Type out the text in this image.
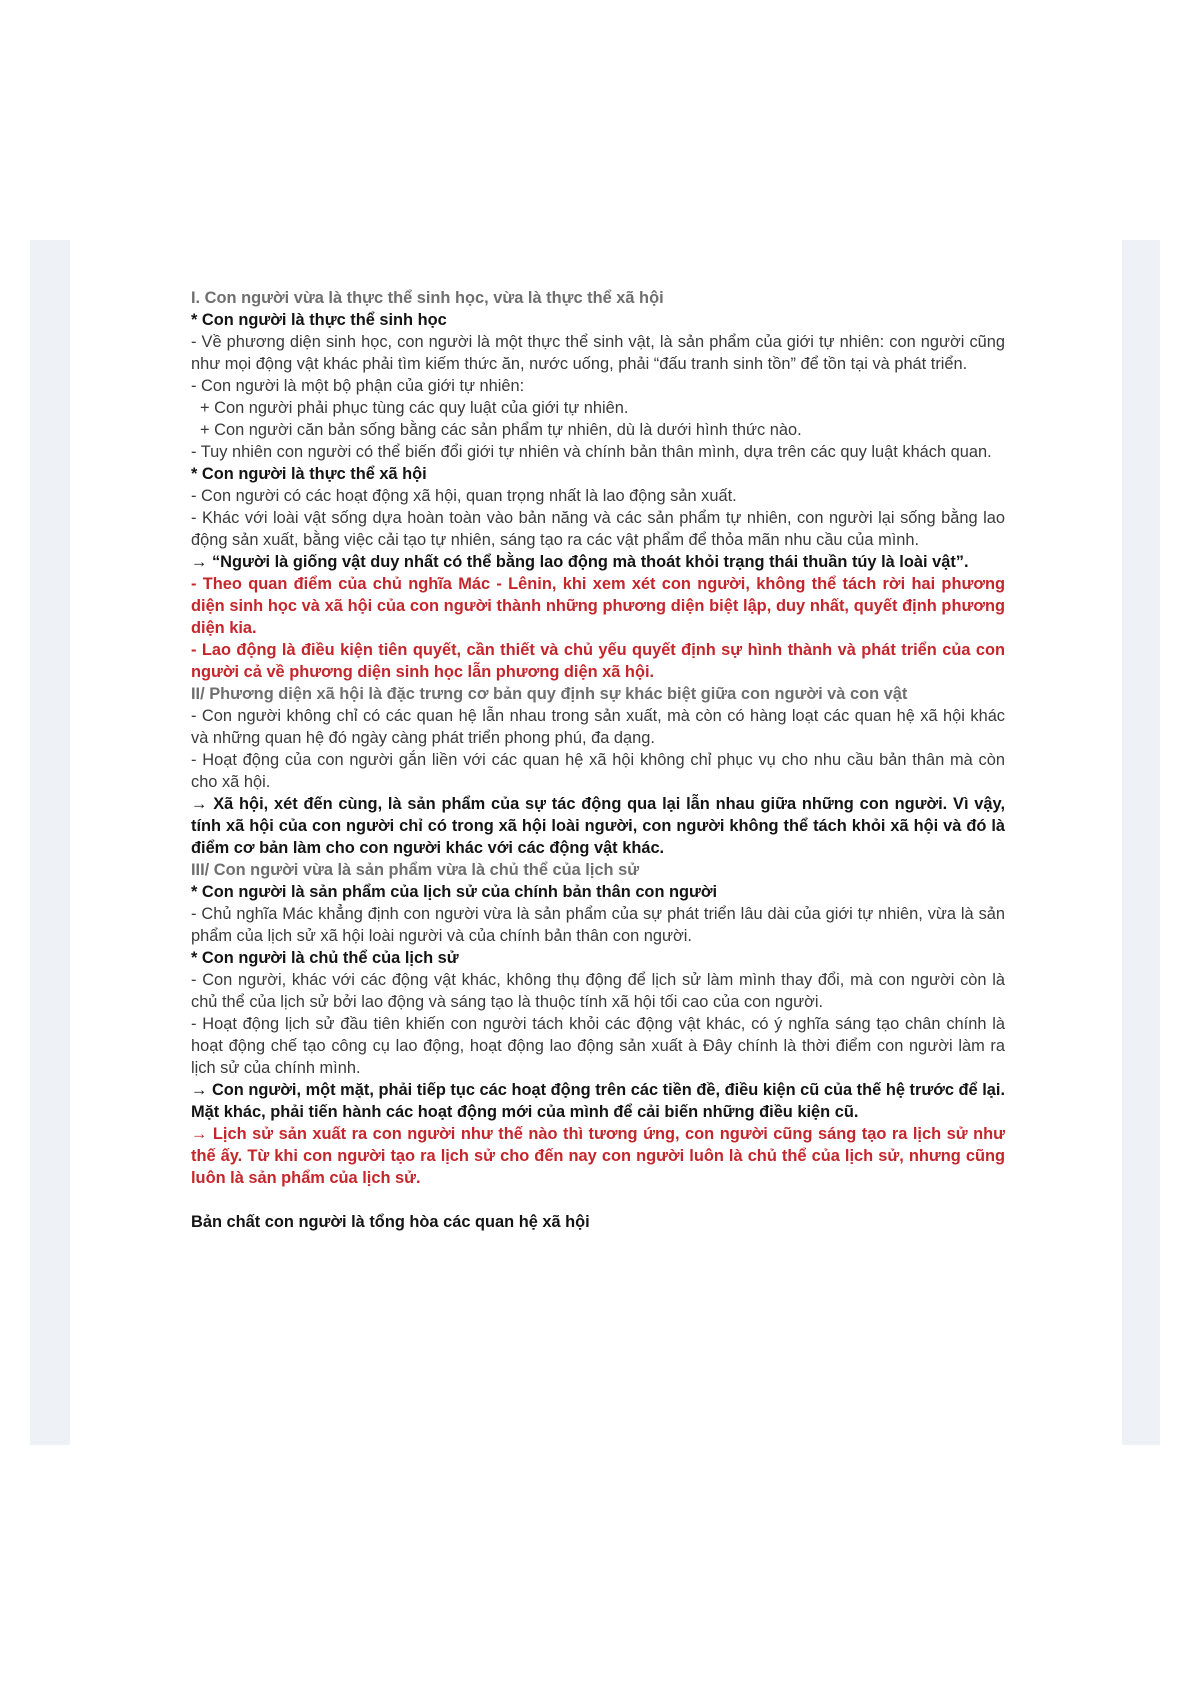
I. Con người vừa là thực thể sinh học, vừa là thực thể xã hội

* Con người là thực thể sinh học

- Về phương diện sinh học, con người là một thực thể sinh vật, là sản phẩm của giới tự nhiên: con người cũng như mọi động vật khác phải tìm kiếm thức ăn, nước uống, phải “đấu tranh sinh tồn” để tồn tại và phát triển.

- Con người là một bộ phận của giới tự nhiên:

+ Con người phải phục tùng các quy luật của giới tự nhiên.

+ Con người căn bản sống bằng các sản phẩm tự nhiên, dù là dưới hình thức nào.

- Tuy nhiên con người có thể biến đổi giới tự nhiên và chính bản thân mình, dựa trên các quy luật khách quan.

* Con người là thực thể xã hội

- Con người có các hoạt động xã hội, quan trọng nhất là lao động sản xuất.

- Khác với loài vật sống dựa hoàn toàn vào bản năng và các sản phẩm tự nhiên, con người lại sống bằng lao động sản xuất, bằng việc cải tạo tự nhiên, sáng tạo ra các vật phẩm để thỏa mãn nhu cầu của mình.

→ “Người là giống vật duy nhất có thể bằng lao động mà thoát khỏi trạng thái thuần túy là loài vật”.

- Theo quan điểm của chủ nghĩa Mác - Lênin, khi xem xét con người, không thể tách rời hai phương diện sinh học và xã hội của con người thành những phương diện biệt lập, duy nhất, quyết định phương diện kia.

- Lao động là điều kiện tiên quyết, cần thiết và chủ yếu quyết định sự hình thành và phát triển của con người cả về phương diện sinh học lẫn phương diện xã hội.

II/ Phương diện xã hội là đặc trưng cơ bản quy định sự khác biệt giữa con người và con vật

- Con người không chỉ có các quan hệ lẫn nhau trong sản xuất, mà còn có hàng loạt các quan hệ xã hội khác và những quan hệ đó ngày càng phát triển phong phú, đa dạng.

- Hoạt động của con người gắn liền với các quan hệ xã hội không chỉ phục vụ cho nhu cầu bản thân mà còn cho xã hội.

→ Xã hội, xét đến cùng, là sản phẩm của sự tác động qua lại lẫn nhau giữa những con người. Vì vậy, tính xã hội của con người chỉ có trong xã hội loài người, con người không thể tách khỏi xã hội và đó là điểm cơ bản làm cho con người khác với các động vật khác.

III/ Con người vừa là sản phẩm vừa là chủ thể của lịch sử

* Con người là sản phẩm của lịch sử của chính bản thân con người

- Chủ nghĩa Mác khẳng định con người vừa là sản phẩm của sự phát triển lâu dài của giới tự nhiên, vừa là sản phẩm của lịch sử xã hội loài người và của chính bản thân con người.

* Con người là chủ thể của lịch sử

- Con người, khác với các động vật khác, không thụ động để lịch sử làm mình thay đổi, mà con người còn là chủ thể của lịch sử bởi lao động và sáng tạo là thuộc tính xã hội tối cao của con người.

- Hoạt động lịch sử đầu tiên khiến con người tách khỏi các động vật khác, có ý nghĩa sáng tạo chân chính là hoạt động chế tạo công cụ lao động, hoạt động lao động sản xuất à Đây chính là thời điểm con người làm ra lịch sử của chính mình.

→ Con người, một mặt, phải tiếp tục các hoạt động trên các tiền đề, điều kiện cũ của thế hệ trước để lại. Mặt khác, phải tiến hành các hoạt động mới của mình để cải biến những điều kiện cũ.

→ Lịch sử sản xuất ra con người như thế nào thì tương ứng, con người cũng sáng tạo ra lịch sử như thế ấy. Từ khi con người tạo ra lịch sử cho đến nay con người luôn là chủ thể của lịch sử, nhưng cũng luôn là sản phẩm của lịch sử.

Bản chất con người là tổng hòa các quan hệ xã hội
